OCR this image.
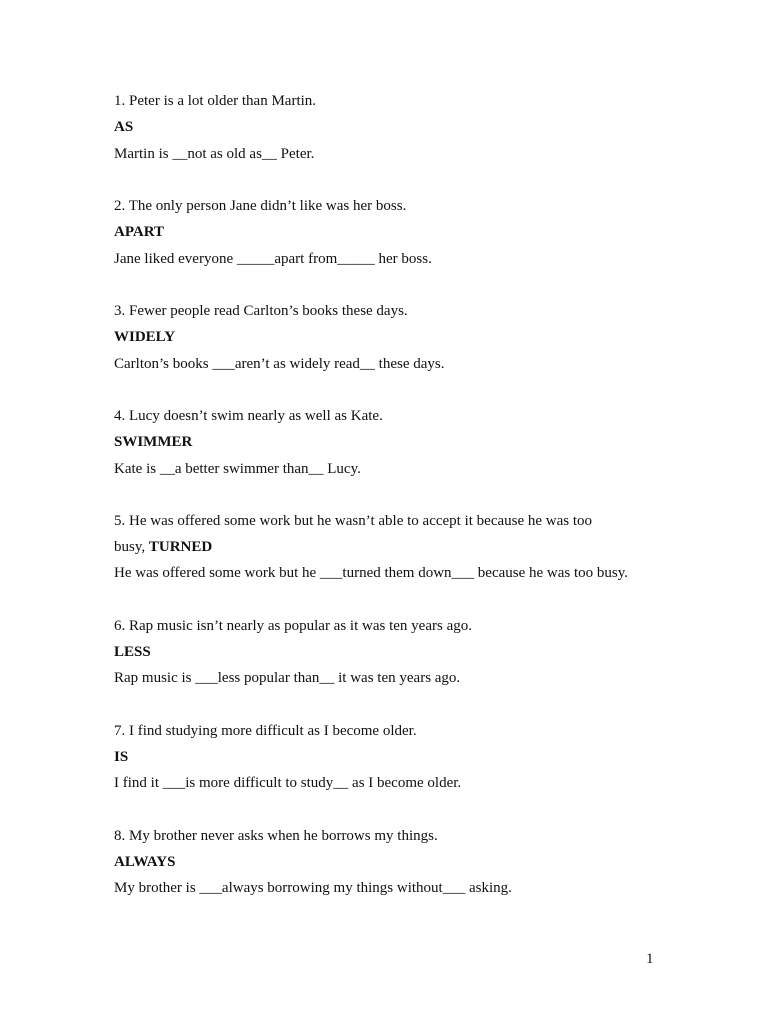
1. Peter is a lot older than Martin.
AS
Martin is __not as old as__ Peter.
2. The only person Jane didn’t like was her boss.
APART
Jane liked everyone _____apart from_____ her boss.
3. Fewer people read Carlton’s books these days.
WIDELY
Carlton’s books ___aren’t as widely read__ these days.
4. Lucy doesn’t swim nearly as well as Kate.
SWIMMER
Kate is __a better swimmer than__ Lucy.
5. He was offered some work but he wasn’t able to accept it because he was too busy, TURNED
He was offered some work but he ___turned them down___ because he was too busy.
6. Rap music isn’t nearly as popular as it was ten years ago.
LESS
Rap music is ___less popular than__ it was ten years ago.
7. I find studying more difficult as I become older.
IS
I find it ___is more difficult to study__ as I become older.
8. My brother never asks when he borrows my things.
ALWAYS
My brother is ___always borrowing my things without___ asking.
1
